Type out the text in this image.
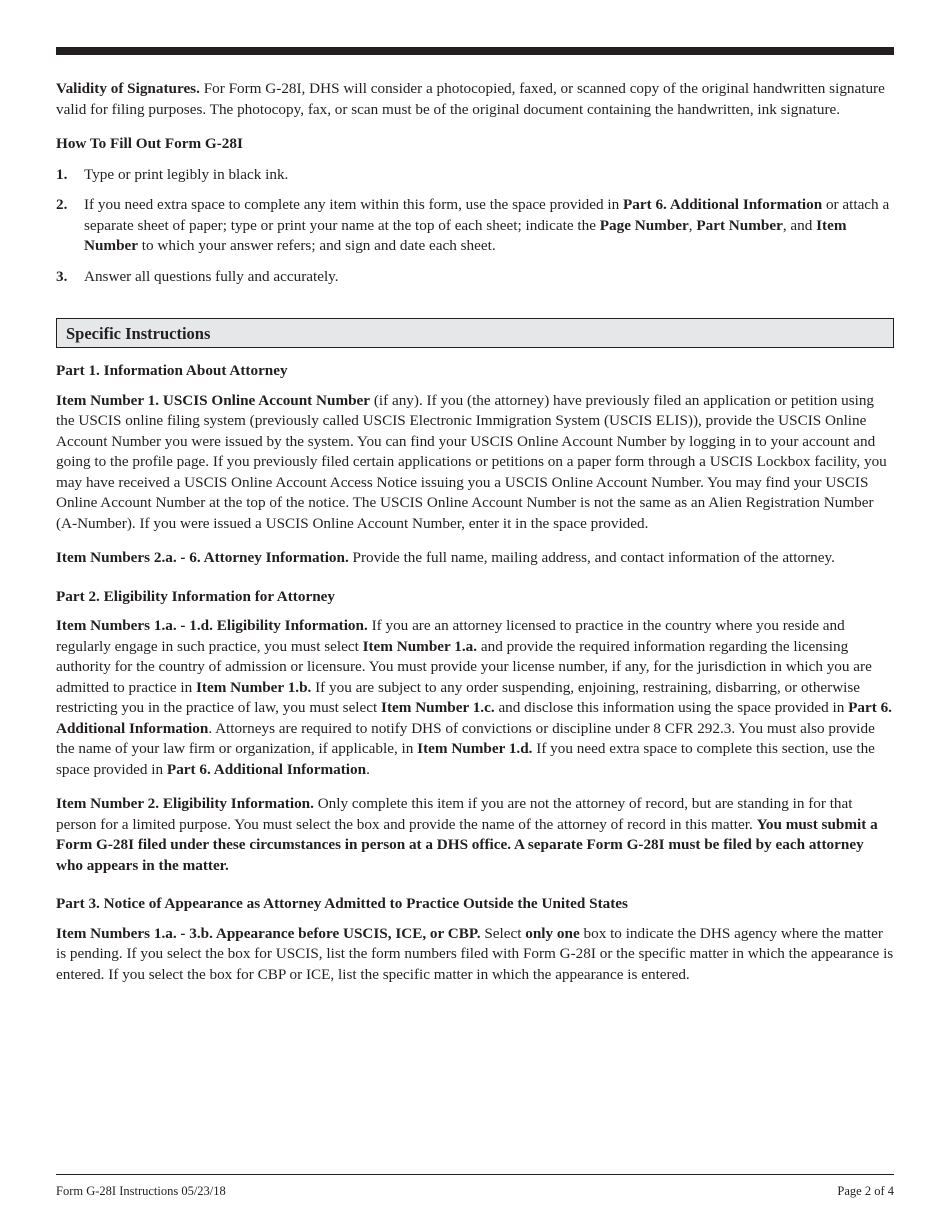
Validity of Signatures. For Form G-28I, DHS will consider a photocopied, faxed, or scanned copy of the original handwritten signature valid for filing purposes. The photocopy, fax, or scan must be of the original document containing the handwritten, ink signature.

How To Fill Out Form G-28I
1. Type or print legibly in black ink.
2. If you need extra space to complete any item within this form, use the space provided in Part 6. Additional Information or attach a separate sheet of paper; type or print your name at the top of each sheet; indicate the Page Number, Part Number, and Item Number to which your answer refers; and sign and date each sheet.
3. Answer all questions fully and accurately.
Specific Instructions
Part 1. Information About Attorney

Item Number 1. USCIS Online Account Number (if any). If you (the attorney) have previously filed an application or petition using the USCIS online filing system (previously called USCIS Electronic Immigration System (USCIS ELIS)), provide the USCIS Online Account Number you were issued by the system. You can find your USCIS Online Account Number by logging in to your account and going to the profile page. If you previously filed certain applications or petitions on a paper form through a USCIS Lockbox facility, you may have received a USCIS Online Account Access Notice issuing you a USCIS Online Account Number. You may find your USCIS Online Account Number at the top of the notice. The USCIS Online Account Number is not the same as an Alien Registration Number (A-Number). If you were issued a USCIS Online Account Number, enter it in the space provided.

Item Numbers 2.a. - 6. Attorney Information. Provide the full name, mailing address, and contact information of the attorney.

Part 2. Eligibility Information for Attorney

Item Numbers 1.a. - 1.d. Eligibility Information. If you are an attorney licensed to practice in the country where you reside and regularly engage in such practice, you must select Item Number 1.a. and provide the required information regarding the licensing authority for the country of admission or licensure. You must provide your license number, if any, for the jurisdiction in which you are admitted to practice in Item Number 1.b. If you are subject to any order suspending, enjoining, restraining, disbarring, or otherwise restricting you in the practice of law, you must select Item Number 1.c. and disclose this information using the space provided in Part 6. Additional Information. Attorneys are required to notify DHS of convictions or discipline under 8 CFR 292.3. You must also provide the name of your law firm or organization, if applicable, in Item Number 1.d. If you need extra space to complete this section, use the space provided in Part 6. Additional Information.

Item Number 2. Eligibility Information. Only complete this item if you are not the attorney of record, but are standing in for that person for a limited purpose. You must select the box and provide the name of the attorney of record in this matter. You must submit a Form G-28I filed under these circumstances in person at a DHS office. A separate Form G-28I must be filed by each attorney who appears in the matter.

Part 3. Notice of Appearance as Attorney Admitted to Practice Outside the United States

Item Numbers 1.a. - 3.b. Appearance before USCIS, ICE, or CBP. Select only one box to indicate the DHS agency where the matter is pending. If you select the box for USCIS, list the form numbers filed with Form G-28I or the specific matter in which the appearance is entered. If you select the box for CBP or ICE, list the specific matter in which the appearance is entered.

Form G-28I Instructions 05/23/18	Page 2 of 4
